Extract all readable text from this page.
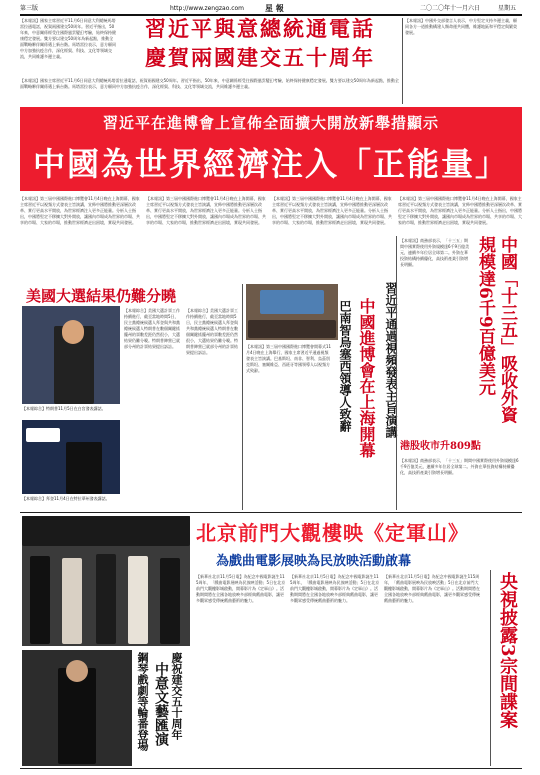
第三版	http://www.zengzao.com	星 報	二〇二〇年十一月六日	星期五
【本報訊】國家主席習近平11月6日同意大利總統馬塔雷拉通電話，祝賀兩國建交50周年。習近平指出，50年來，中意關係經受住國際風雲變幻考驗，始終保持健康穩定發展。雙方要以建交50周年為新起點，推動全面戰略夥伴關係邁上新台階。馬塔雷拉表示，意方願同中方加強抗疫合作，深化經貿、科技、文化等領域交流，共同維護多邊主義。
習近平與意總統通電話
慶賀兩國建交五十周年
【本報訊】國家主席習近平11月6日同意大利總統馬塔雷拉通電話，祝賀兩國建交50周年。習近平指出，50年來，中意關係經受住國際風雲變幻考驗，始終保持健康穩定發展。雙方要以建交50周年為新起點，推動全面戰略夥伴關係邁上新台階。馬塔雷拉表示，意方願同中方加強抗疫合作，深化經貿、科技、文化等領域交流，共同維護多邊主義。
【本報訊】中國外交部發言人表示，中方堅定支持多邊主義，願同各方一道推動構建人類命運共同體，維護地區和平穩定與繁榮發展。
習近平在進博會上宣佈全面擴大開放新舉措顯示
中國為世界經濟注入「正能量」
【本報訊】第三屆中國國際進口博覽會11月4日晚在上海開幕，國家主席習近平以視頻方式發表主旨演講，宣佈中國將推動更深層次改革、實行更高水平開放，為世界經濟注入更多正能量。分析人士指出，中國將堅定不移擴大對外開放，讓國內市場成為世界的市場、共享的市場、大家的市場，推動世界經濟走出困境，實現共同發展。
【本報訊】第三屆中國國際進口博覽會11月4日晚在上海開幕，國家主席習近平以視頻方式發表主旨演講，宣佈中國將推動更深層次改革、實行更高水平開放，為世界經濟注入更多正能量。分析人士指出，中國將堅定不移擴大對外開放，讓國內市場成為世界的市場、共享的市場、大家的市場，推動世界經濟走出困境，實現共同發展。
【本報訊】第三屆中國國際進口博覽會11月4日晚在上海開幕，國家主席習近平以視頻方式發表主旨演講，宣佈中國將推動更深層次改革、實行更高水平開放，為世界經濟注入更多正能量。分析人士指出，中國將堅定不移擴大對外開放，讓國內市場成為世界的市場、共享的市場、大家的市場，推動世界經濟走出困境，實現共同發展。
【本報訊】第三屆中國國際進口博覽會11月4日晚在上海開幕，國家主席習近平以視頻方式發表主旨演講，宣佈中國將推動更深層次改革、實行更高水平開放，為世界經濟注入更多正能量。分析人士指出，中國將堅定不移擴大對外開放，讓國內市場成為世界的市場、共享的市場、大家的市場，推動世界經濟走出困境，實現共同發展。
美國大選結果仍難分曉
【本報綜合】特朗普11月5日在白宮發表講話。
【本報綜合】拜登11月4日在特拉華州發表講話。
【本報綜合】美國大選計票工作持續進行，截至當地時間5日，民主黨總統候選人拜登與共和黨總統候選人特朗普在數個關鍵搖擺州的票數差距仍然很小，大選結果仍難分曉。特朗普陣營已就部分州的計票結果提出訴訟。
【本報綜合】美國大選計票工作持續進行，截至當地時間5日，民主黨總統候選人拜登與共和黨總統候選人特朗普在數個關鍵搖擺州的票數差距仍然很小，大選結果仍難分曉。特朗普陣營已就部分州的計票結果提出訴訟。	習近平通過視頻發表主旨演講
中國進博會在上海開幕
巴南智烏塞西領導人致辭
【本報訊】第三屆中國國際進口博覽會開幕式11月4日晚在上海舉行，國家主席習近平通過視頻發表主旨演講。巴基斯坦、南非、智利、烏茲別克斯坦、塞爾維亞、西班牙等國領導人以視頻方式致辭。	中國「十三五」吸收外資規模達6千9百億美元
【本報訊】商務部表示，「十三五」期間中國實際使用外資規模達6千9百億美元，連續多年位居全球第二。外資在華投資結構持續優化，高技術產業引資增長明顯。
港股收市升809點
【本報訊】商務部表示，「十三五」期間中國實際使用外資規模達6千9百億美元，連續多年位居全球第二。外資在華投資結構持續優化，高技術產業引資增長明顯。
北京前門大觀樓映《定軍山》
為戲曲電影展映為民放映活動啟幕
【新華社北京11月5日電】為紀念中國電影誕生115周年，「戲曲電影展映為民放映活動」5日在北京前門大觀樓影城啟動，開幕影片為《定軍山》。活動期間將在全國各地放映多部經典戲曲電影，讓更多觀眾感受傳統戲曲藝術的魅力。
【新華社北京11月5日電】為紀念中國電影誕生115周年，「戲曲電影展映為民放映活動」5日在北京前門大觀樓影城啟動，開幕影片為《定軍山》。活動期間將在全國各地放映多部經典戲曲電影，讓更多觀眾感受傳統戲曲藝術的魅力。
【新華社北京11月5日電】為紀念中國電影誕生115周年，「戲曲電影展映為民放映活動」5日在北京前門大觀樓影城啟動，開幕影片為《定軍山》。活動期間將在全國各地放映多部經典戲曲電影，讓更多觀眾感受傳統戲曲藝術的魅力。
慶祝建交五十周年
中意文藝匯演
鋼琴戲劇等輪番登場	央視披露3宗間諜案
